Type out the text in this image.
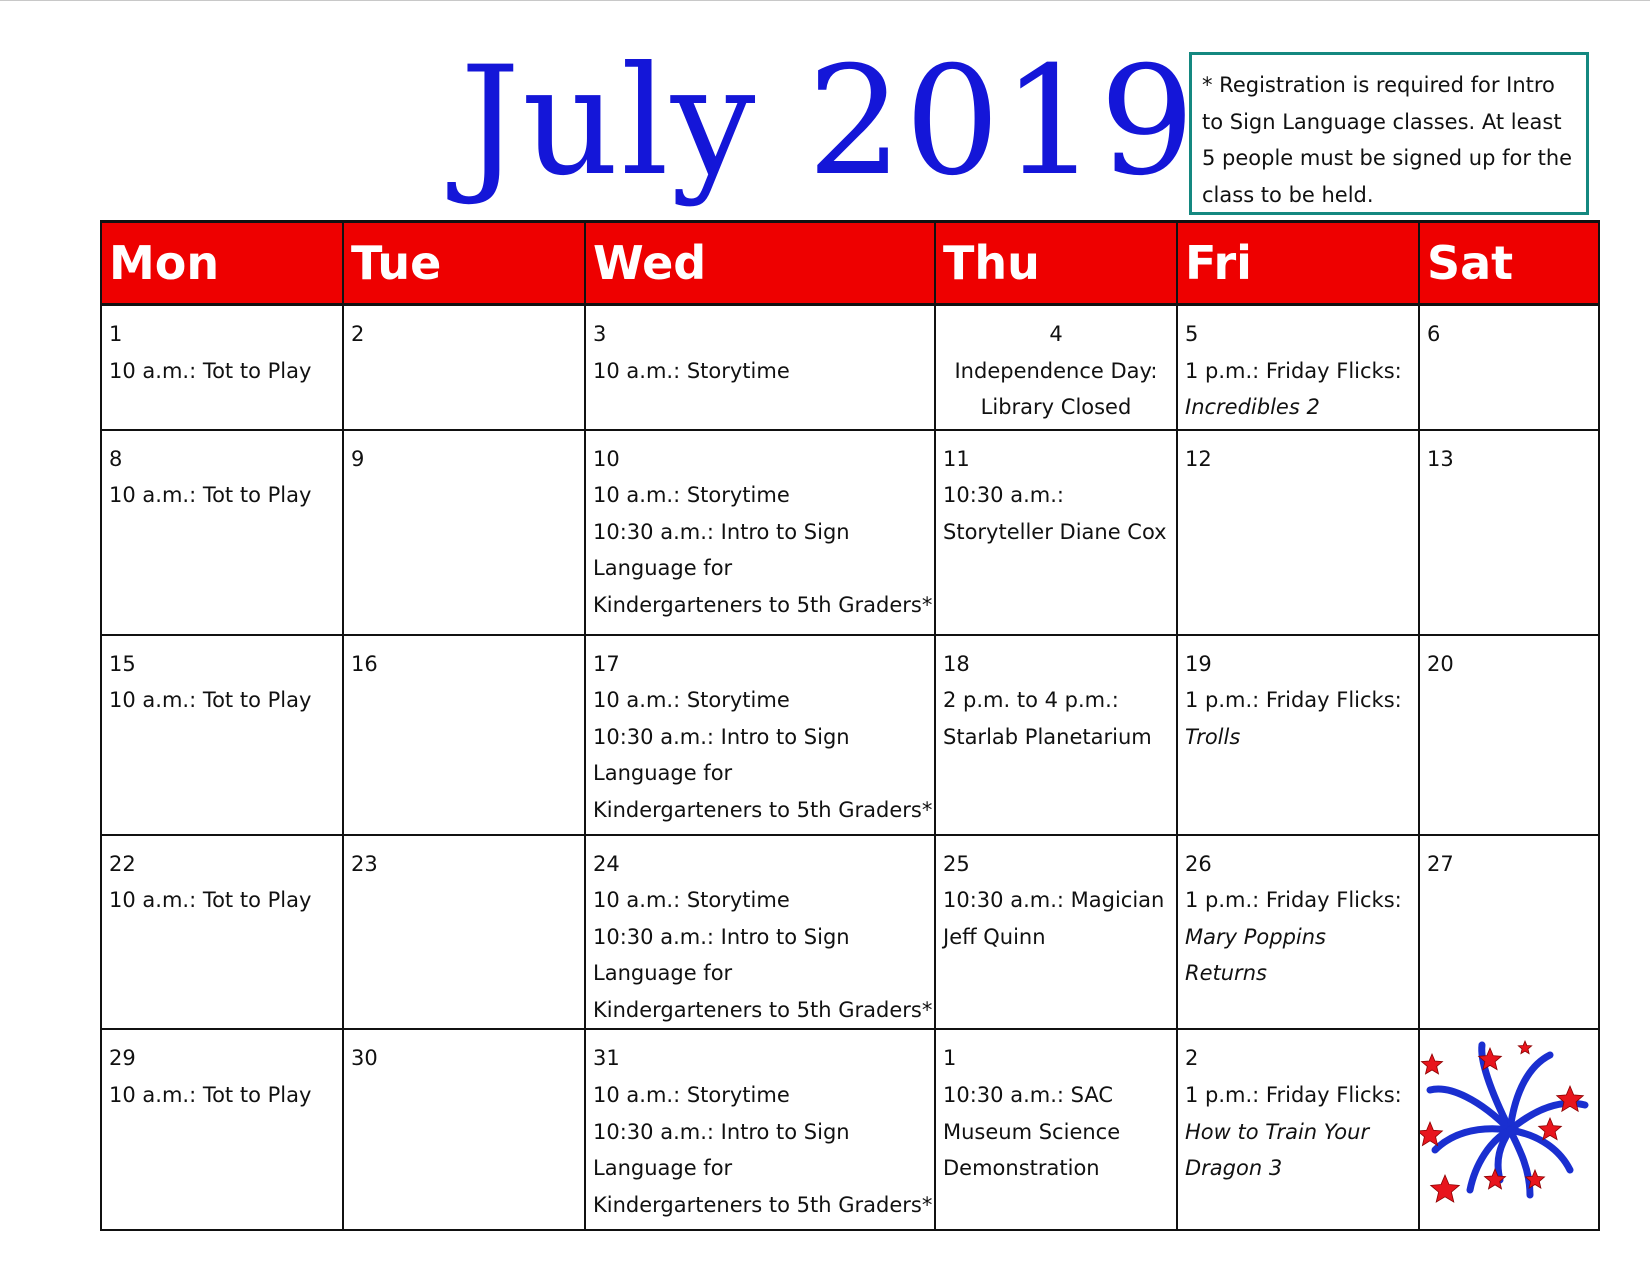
July 2019 * Registration is required for Intro to Sign Language classes. At least 5 people must be signed up for the class to be held.
Mon	Tue	Wed	Thu	Fri	Sat

1
10 a.m.: Tot to Play	2	3
10 a.m.: Storytime	4
Independence Day:
Library Closed	5
1 p.m.: Friday Flicks:
Incredibles 2	6

8
10 a.m.: Tot to Play	9	10
10 a.m.: Storytime
10:30 a.m.: Intro to Sign
Language for
Kindergarteners to 5th Graders*	11
10:30 a.m.:
Storyteller Diane Cox	12	13

15
10 a.m.: Tot to Play	16	17
10 a.m.: Storytime
10:30 a.m.: Intro to Sign
Language for
Kindergarteners to 5th Graders*	18
2 p.m. to 4 p.m.:
Starlab Planetarium	19
1 p.m.: Friday Flicks:
Trolls	20

22
10 a.m.: Tot to Play	23	24
10 a.m.: Storytime
10:30 a.m.: Intro to Sign
Language for
Kindergarteners to 5th Graders*	25
10:30 a.m.: Magician
Jeff Quinn	26
1 p.m.: Friday Flicks:
Mary Poppins
Returns	27

29
10 a.m.: Tot to Play	30	31
10 a.m.: Storytime
10:30 a.m.: Intro to Sign
Language for
Kindergarteners to 5th Graders*	1
10:30 a.m.: SAC
Museum Science
Demonstration	2
1 p.m.: Friday Flicks:
How to Train Your
Dragon 3
